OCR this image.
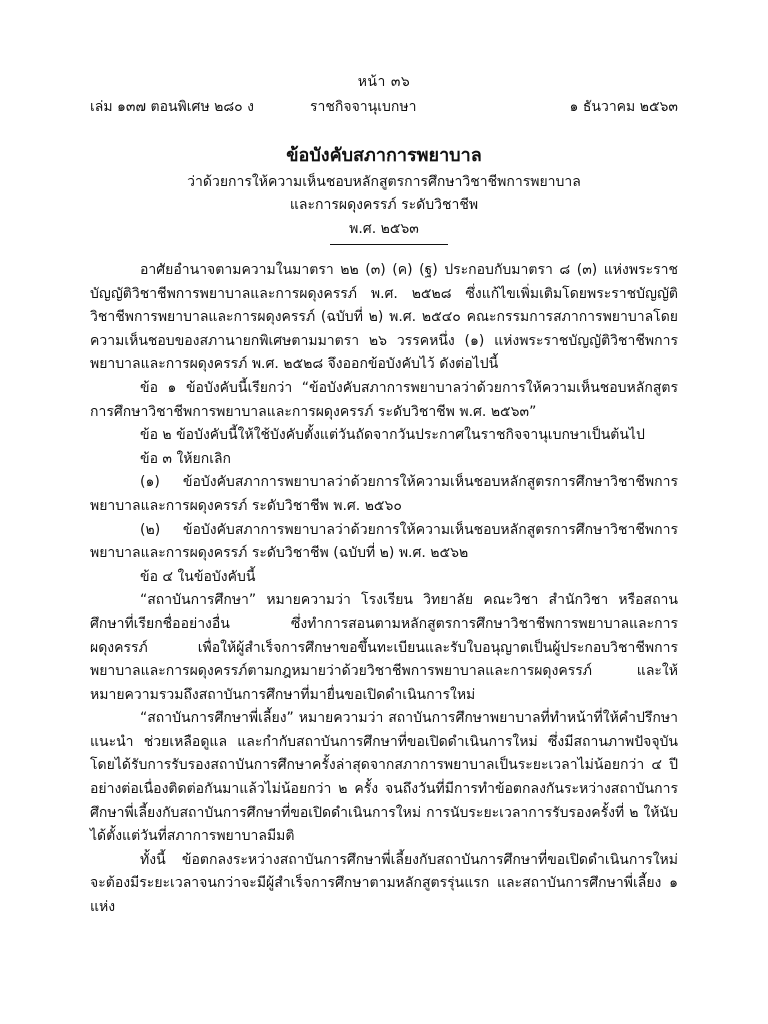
หน้า ๓๖
เล่ม ๑๓๗ ตอนพิเศษ ๒๘๐ ง	ราชกิจจานุเบกษา	๑ ธันวาคม ๒๕๖๓
ข้อบังคับสภาการพยาบาล
ว่าด้วยการให้ความเห็นชอบหลักสูตรการศึกษาวิชาชีพการพยาบาล
และการผดุงครรภ์ ระดับวิชาชีพ
พ.ศ. ๒๕๖๓

อาศัยอำนาจตามความในมาตรา ๒๒ (๓) (ค) (ฐ) ประกอบกับมาตรา ๘ (๓) แห่งพระราชบัญญัติวิชาชีพการพยาบาลและการผดุงครรภ์ พ.ศ. ๒๕๒๘ ซึ่งแก้ไขเพิ่มเติมโดยพระราชบัญญัติวิชาชีพการพยาบาลและการผดุงครรภ์ (ฉบับที่ ๒) พ.ศ. ๒๕๔๐ คณะกรรมการสภาการพยาบาลโดยความเห็นชอบของสภานายกพิเศษตามมาตรา ๒๖ วรรคหนึ่ง (๑) แห่งพระราชบัญญัติวิชาชีพการพยาบาลและการผดุงครรภ์ พ.ศ. ๒๕๒๘ จึงออกข้อบังคับไว้ ดังต่อไปนี้

ข้อ ๑ ข้อบังคับนี้เรียกว่า “ข้อบังคับสภาการพยาบาลว่าด้วยการให้ความเห็นชอบหลักสูตรการศึกษาวิชาชีพการพยาบาลและการผดุงครรภ์ ระดับวิชาชีพ พ.ศ. ๒๕๖๓”

ข้อ ๒ ข้อบังคับนี้ให้ใช้บังคับตั้งแต่วันถัดจากวันประกาศในราชกิจจานุเบกษาเป็นต้นไป

ข้อ ๓ ให้ยกเลิก

(๑) ข้อบังคับสภาการพยาบาลว่าด้วยการให้ความเห็นชอบหลักสูตรการศึกษาวิชาชีพการพยาบาลและการผดุงครรภ์ ระดับวิชาชีพ พ.ศ. ๒๕๖๐

(๒) ข้อบังคับสภาการพยาบาลว่าด้วยการให้ความเห็นชอบหลักสูตรการศึกษาวิชาชีพการพยาบาลและการผดุงครรภ์ ระดับวิชาชีพ (ฉบับที่ ๒) พ.ศ. ๒๕๖๒

ข้อ ๔ ในข้อบังคับนี้

“สถาบันการศึกษา” หมายความว่า โรงเรียน วิทยาลัย คณะวิชา สำนักวิชา หรือสถานศึกษาที่เรียกชื่ออย่างอื่น ซึ่งทำการสอนตามหลักสูตรการศึกษาวิชาชีพการพยาบาลและการผดุงครรภ์ เพื่อให้ผู้สำเร็จการศึกษาขอขึ้นทะเบียนและรับใบอนุญาตเป็นผู้ประกอบวิชาชีพการพยาบาลและการผดุงครรภ์ตามกฎหมายว่าด้วยวิชาชีพการพยาบาลและการผดุงครรภ์ และให้หมายความรวมถึงสถาบันการศึกษาที่มายื่นขอเปิดดำเนินการใหม่

“สถาบันการศึกษาพี่เลี้ยง” หมายความว่า สถาบันการศึกษาพยาบาลที่ทำหน้าที่ให้คำปรึกษา แนะนำ ช่วยเหลือดูแล และกำกับสถาบันการศึกษาที่ขอเปิดดำเนินการใหม่ ซึ่งมีสถานภาพปัจจุบันโดยได้รับการรับรองสถาบันการศึกษาครั้งล่าสุดจากสภาการพยาบาลเป็นระยะเวลาไม่น้อยกว่า ๔ ปี อย่างต่อเนื่องติดต่อกันมาแล้วไม่น้อยกว่า ๒ ครั้ง จนถึงวันที่มีการทำข้อตกลงกันระหว่างสถาบันการศึกษาพี่เลี้ยงกับสถาบันการศึกษาที่ขอเปิดดำเนินการใหม่ การนับระยะเวลาการรับรองครั้งที่ ๒ ให้นับได้ตั้งแต่วันที่สภาการพยาบาลมีมติ

ทั้งนี้ ข้อตกลงระหว่างสถาบันการศึกษาพี่เลี้ยงกับสถาบันการศึกษาที่ขอเปิดดำเนินการใหม่จะต้องมีระยะเวลาจนกว่าจะมีผู้สำเร็จการศึกษาตามหลักสูตรรุ่นแรก และสถาบันการศึกษาพี่เลี้ยง ๑ แห่ง
